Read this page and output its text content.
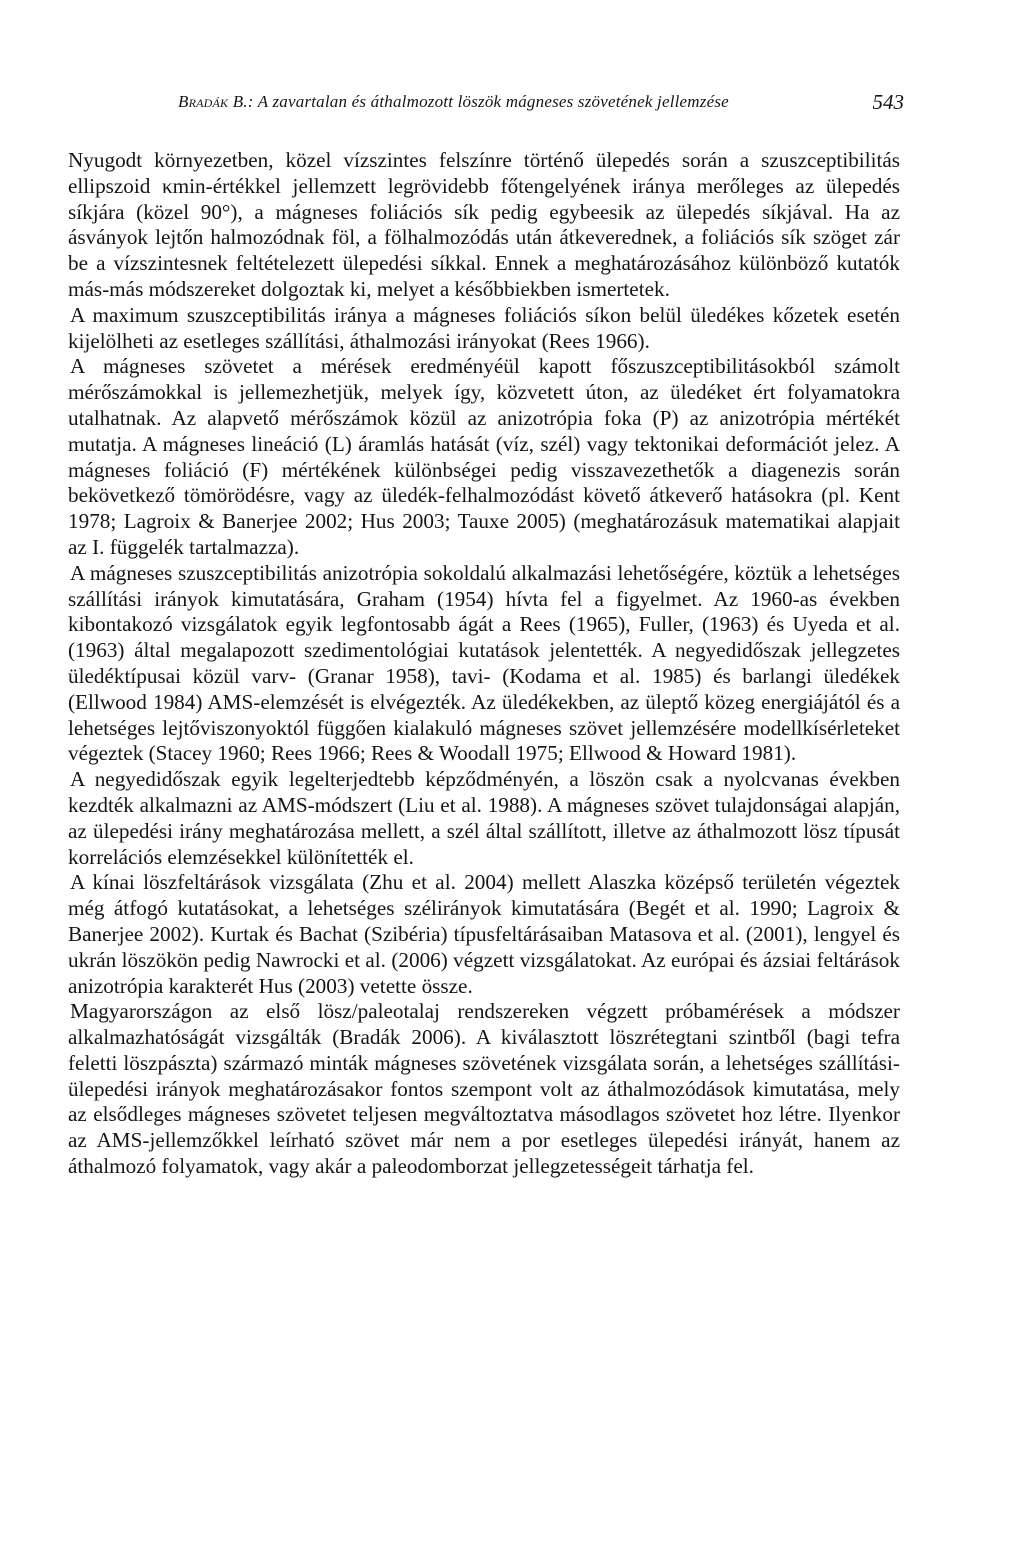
Bradák B.: A zavartalan és áthalmozott löszök mágneses szövetének jellemzése	543

Nyugodt környezetben, közel vízszintes felszínre történő ülepedés során a szuszceptibilitás ellipszoid κmin-értékkel jellemzett legrövidebb főtengelyének iránya merőleges az ülepedés síkjára (közel 90°), a mágneses foliációs sík pedig egybeesik az ülepedés síkjával. Ha az ásványok lejtőn halmozódnak föl, a fölhalmozódás után átkeverednek, a foliációs sík szöget zár be a vízszintesnek feltételezett ülepedési síkkal. Ennek a meghatározásához különböző kutatók más-más módszereket dolgoztak ki, melyet a későbbiekben ismertetek.

A maximum szuszceptibilitás iránya a mágneses foliációs síkon belül üledékes kőzetek esetén kijelölheti az esetleges szállítási, áthalmozási irányokat (Rees 1966).

A mágneses szövetet a mérések eredményéül kapott főszuszceptibilitásokból számolt mérőszámokkal is jellemezhetjük, melyek így, közvetett úton, az üledéket ért folyamatokra utalhatnak. Az alapvető mérőszámok közül az anizotrópia foka (P) az anizotrópia mértékét mutatja. A mágneses lineáció (L) áramlás hatását (víz, szél) vagy tektonikai deformációt jelez. A mágneses foliáció (F) mértékének különbségei pedig visszavezethetők a diagenezis során bekövetkező tömörödésre, vagy az üledék-felhalmozódást követő átkeverő hatásokra (pl. Kent 1978; Lagroix & Banerjee 2002; Hus 2003; Tauxe 2005) (meghatározásuk matematikai alapjait az I. függelék tartalmazza).

A mágneses szuszceptibilitás anizotrópia sokoldalú alkalmazási lehetőségére, köztük a lehetséges szállítási irányok kimutatására, Graham (1954) hívta fel a figyelmet. Az 1960-as években kibontakozó vizsgálatok egyik legfontosabb ágát a Rees (1965), Fuller, (1963) és Uyeda et al. (1963) által megalapozott szedimentológiai kutatások jelentették. A negyedidőszak jellegzetes üledéktípusai közül varv- (Granar 1958), tavi- (Kodama et al. 1985) és barlangi üledékek (Ellwood 1984) AMS-elemzését is elvégezték. Az üledékekben, az üleptő közeg energiájától és a lehetséges lejtőviszonyoktól függően kialakuló mágneses szövet jellemzésére modellkísérleteket végeztek (Stacey 1960; Rees 1966; Rees & Woodall 1975; Ellwood & Howard 1981).

A negyedidőszak egyik legelterjedtebb képződményén, a löszön csak a nyolcvanas években kezdték alkalmazni az AMS-módszert (Liu et al. 1988). A mágneses szövet tulajdonságai alapján, az ülepedési irány meghatározása mellett, a szél által szállított, illetve az áthalmozott lösz típusát korrelációs elemzésekkel különítették el.

A kínai löszfeltárások vizsgálata (Zhu et al. 2004) mellett Alaszka középső területén végeztek még átfogó kutatásokat, a lehetséges szélirányok kimutatására (Begét et al. 1990; Lagroix & Banerjee 2002). Kurtak és Bachat (Szibéria) típusfeltárásaiban Matasova et al. (2001), lengyel és ukrán löszökön pedig Nawrocki et al. (2006) végzett vizsgálatokat. Az európai és ázsiai feltárások anizotrópia karakterét Hus (2003) vetette össze.

Magyarországon az első lösz/paleotalaj rendszereken végzett próbamérések a módszer alkalmazhatóságát vizsgálták (Bradák 2006). A kiválasztott löszrétegtani szintből (bagi tefra feletti löszpászta) származó minták mágneses szövetének vizsgálata során, a lehetséges szállítási-ülepedési irányok meghatározásakor fontos szempont volt az áthalmozódások kimutatása, mely az elsődleges mágneses szövetet teljesen megváltoztatva másodlagos szövetet hoz létre. Ilyenkor az AMS-jellemzőkkel leírható szövet már nem a por esetleges ülepedési irányát, hanem az áthalmozó folyamatok, vagy akár a paleodomborzat jellegzetességeit tárhatja fel.
